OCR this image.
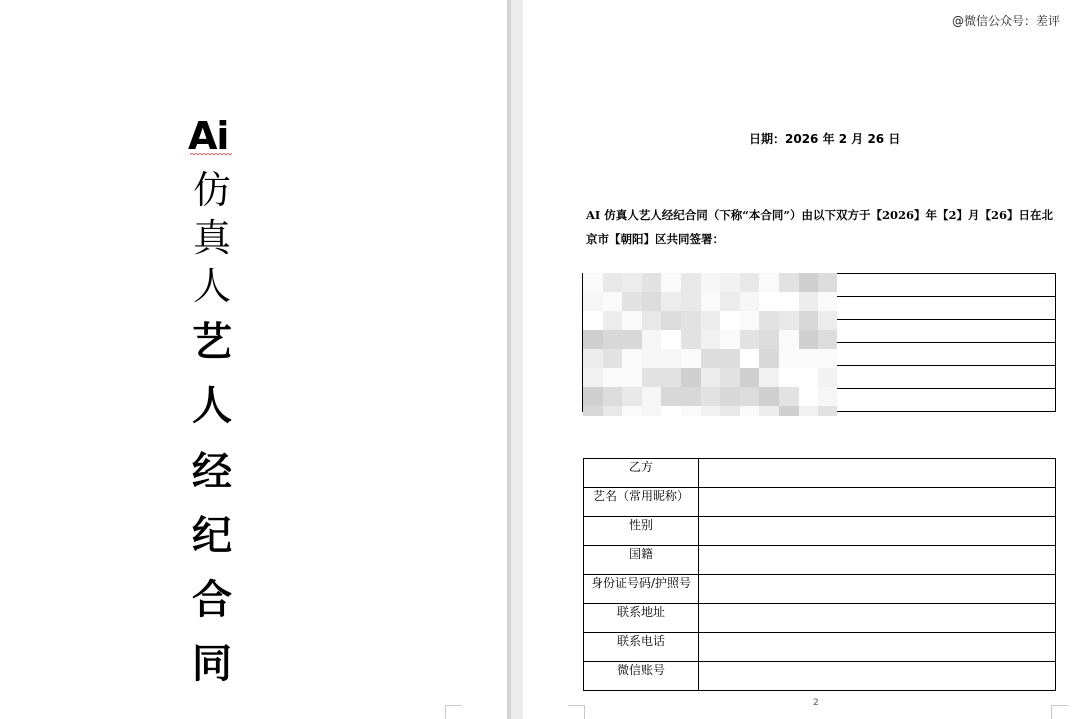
Ai
仿
真
人
艺
人
经
纪
合
同
@微信公众号：差评
日期：2026 年 2 月 26 日
AI 仿真人艺人经纪合同（下称“本合同”）由以下双方于【2026】年【2】月【26】日在北
京市【朝阳】区共同签署：

乙方	
艺名（常用昵称）	
性别	
国籍	
身份证号码/护照号	
联系地址	
联系电话	
微信账号	
2
